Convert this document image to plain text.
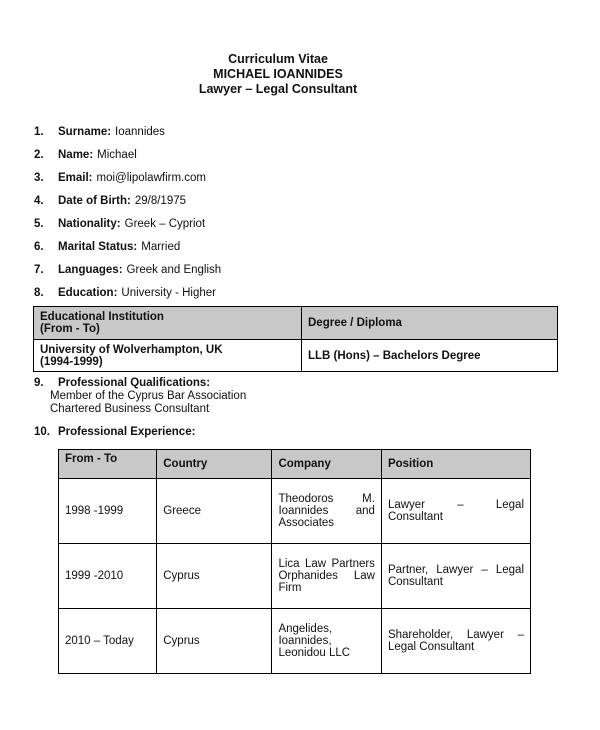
Curriculum Vitae
MICHAEL IOANNIDES
Lawyer – Legal Consultant
1.	Surname: Ioannides
2.	Name: Michael
3.	Email: moi@lipolawfirm.com
4.	Date of Birth: 29/8/1975
5.	Nationality: Greek – Cypriot
6.	Marital Status: Married
7.	Languages: Greek and English
8.	Education: University - Higher
Educational Institution
(From - To)	Degree / Diploma
University of Wolverhampton, UK
(1994-1999)	LLB (Hons) – Bachelors Degree
9. Professional Qualifications:
Member of the Cyprus Bar Association
Chartered Business Consultant
10. Professional Experience:
From - To	Country	Company	Position
1998 -1999	Greece	Theodoros M. Ioannides and Associates	Lawyer – Legal Consultant
1999 -2010	Cyprus	Lica Law Partners Orphanides Law Firm	Partner, Lawyer – Legal Consultant
2010 – Today	Cyprus	Angelides, Ioannides, Leonidou LLC	Shareholder, Lawyer – Legal Consultant
